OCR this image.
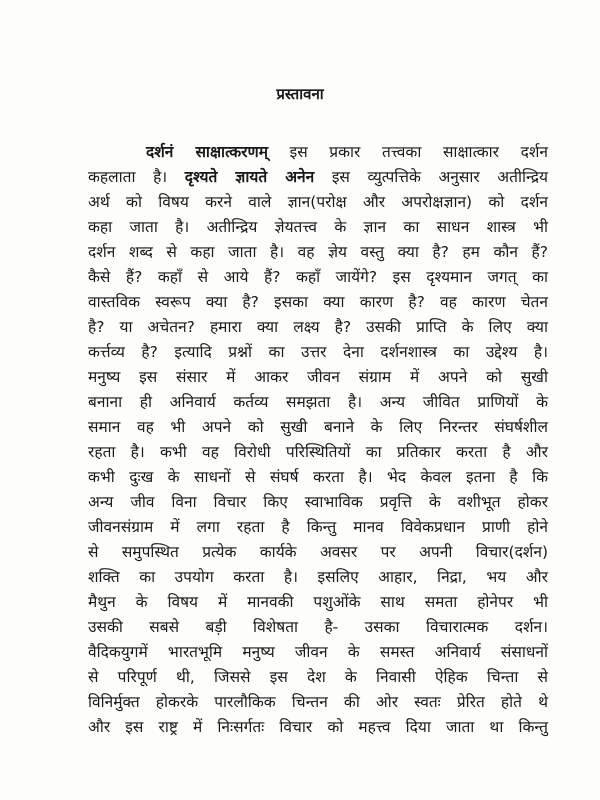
प्रस्तावना
दर्शनं साक्षात्करणम् इस प्रकार तत्त्वका साक्षात्कार दर्शन
कहलाता है। दृश्यते ज्ञायते अनेन इस व्युत्पत्तिके अनुसार अतीन्द्रिय
अर्थ को विषय करने वाले ज्ञान(परोक्ष और अपरोक्षज्ञान) को दर्शन
कहा जाता है। अतीन्द्रिय ज्ञेयतत्त्व के ज्ञान का साधन शास्त्र भी
दर्शन शब्द से कहा जाता है। वह ज्ञेय वस्तु क्या है? हम कौन हैं?
कैसे हैं? कहाँ से आये हैं? कहाँ जायेंगे? इस दृश्यमान जगत् का
वास्तविक स्वरूप क्या है? इसका क्या कारण है? वह कारण चेतन
है? या अचेतन? हमारा क्या लक्ष्य है? उसकी प्राप्ति के लिए क्या
कर्त्तव्य है? इत्यादि प्रश्नों का उत्तर देना दर्शनशास्त्र का उद्देश्य है।
मनुष्य इस संसार में आकर जीवन संग्राम में अपने को सुखी
बनाना ही अनिवार्य कर्तव्य समझता है। अन्य जीवित प्राणियों के
समान वह भी अपने को सुखी बनाने के लिए निरन्तर संघर्षशील
रहता है। कभी वह विरोधी परिस्थितियों का प्रतिकार करता है और
कभी दुःख के साधनों से संघर्ष करता है। भेद केवल इतना है कि
अन्य जीव विना विचार किए स्वाभाविक प्रवृत्ति के वशीभूत होकर
जीवनसंग्राम में लगा रहता है किन्तु मानव विवेकप्रधान प्राणी होने
से समुपस्थित प्रत्येक कार्यके अवसर पर अपनी विचार(दर्शन)
शक्ति का उपयोग करता है। इसलिए आहार, निद्रा, भय और
मैथुन के विषय में मानवकी पशुओंके साथ समता होनेपर भी
उसकी सबसे बड़ी विशेषता है- उसका विचारात्मक दर्शन।
वैदिकयुगमें भारतभूमि मनुष्य जीवन के समस्त अनिवार्य संसाधनों
से परिपूर्ण थी, जिससे इस देश के निवासी ऐहिक चिन्ता से
विनिर्मुक्त होकरके पारलौकिक चिन्तन की ओर स्वतः प्रेरित होते थे
और इस राष्ट्र में निःसर्गतः विचार को महत्त्व दिया जाता था किन्तु
